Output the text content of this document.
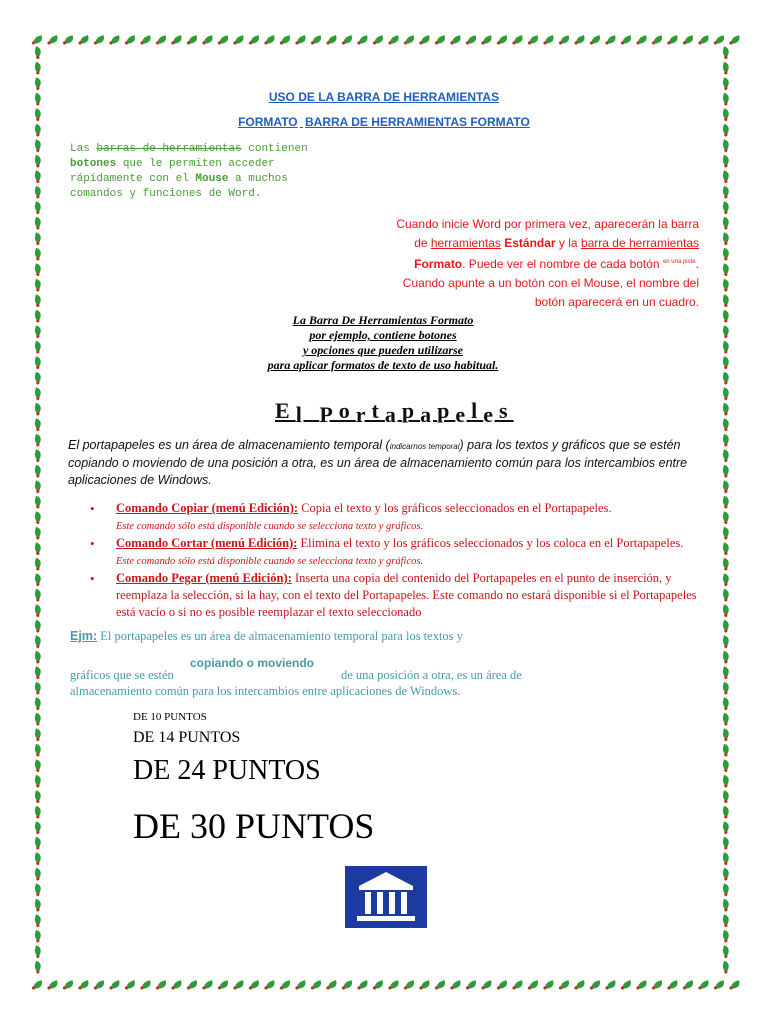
USO DE LA BARRA DE HERRAMIENTAS
FORMATO BARRA DE HERRAMIENTAS FORMATO
Las barras de herramientas contienen
botones que le permiten acceder
rápidamente con el Mouse a muchos
comandos y funciones de Word.
Cuando inicie Word por primera vez, aparecerán la barra de herramientas Estándar y la barra de herramientas Formato. Puede ver el nombre de cada botón $^{en una piste}$. Cuando apunte a un botón con el Mouse, el nombre del botón aparecerá en un cuadro.
La Barra De Herramientas Formato
por ejemplo, contiene botones
y opciones que pueden utilizarse
para aplicar formatos de texto de uso habitual.
El Portapapeles
El portapapeles es un área de almacenamiento temporal (indicarnos temporal) para los textos y gráficos que se estén copiando o moviendo de una posición a otra, es un área de almacenamiento común para los intercambios entre aplicaciones de Windows.
• Comando Copiar (menú Edición): Copia el texto y los gráficos seleccionados en el Portapapeles.
Este comando sólo está disponible cuando se selecciona texto y gráficos.
• Comando Cortar (menú Edición): Elimina el texto y los gráficos seleccionados y los coloca en el Portapapeles.
Este comando sólo está disponible cuando se selecciona texto y gráficos.
• Comando Pegar (menú Edición): Inserta una copia del contenido del Portapapeles en el punto de inserción, y reemplaza la selección, si la hay, con el texto del Portapapeles. Este comando no estará disponible si el Portapapeles está vacío o si no es posible reemplazar el texto seleccionado
Ejm: El portapapeles es un área de almacenamiento temporal para los textos y
copiando o moviendo
gráficos que se estén	de una posición a otra, es un área de
almacenamiento común para los intercambios entre aplicaciones de Windows.
DE 10 PUNTOS
DE 14 PUNTOS
DE 24 PUNTOS
DE 30 PUNTOS
